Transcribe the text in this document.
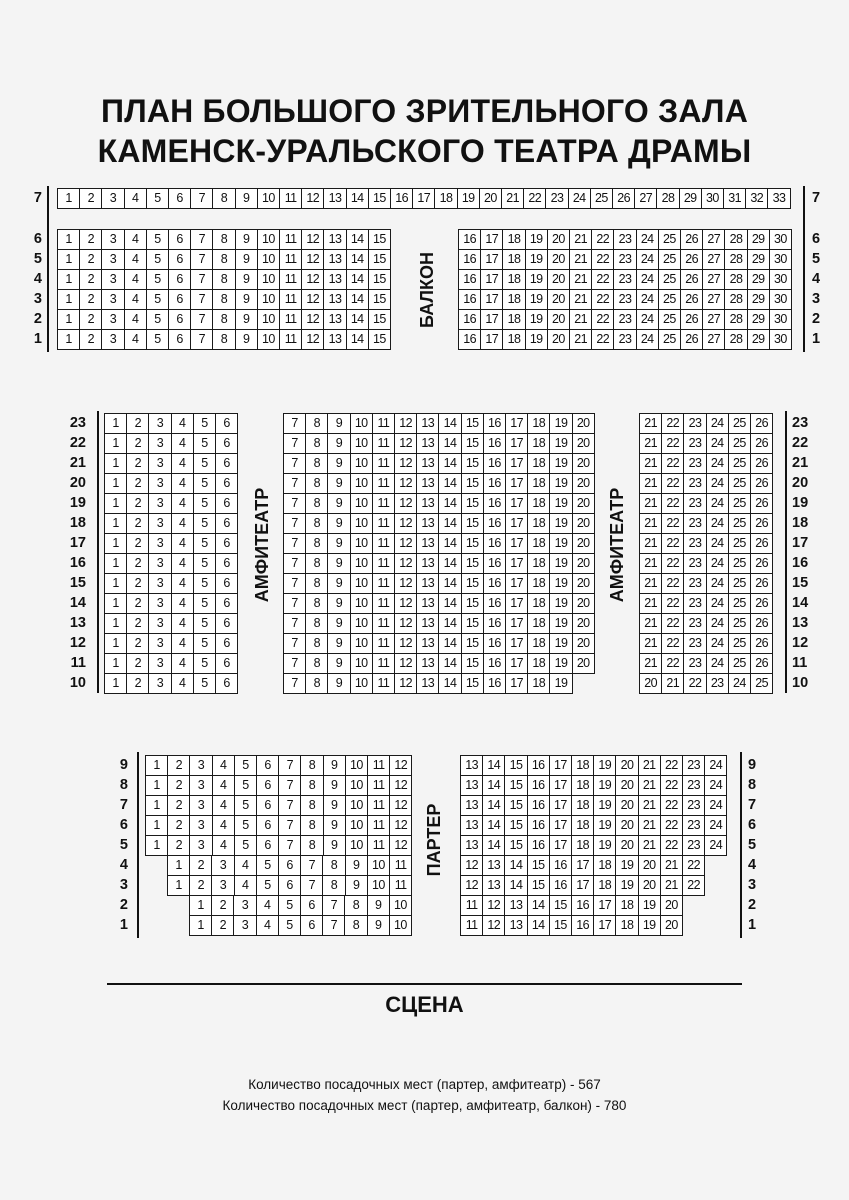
ПЛАН БОЛЬШОГО ЗРИТЕЛЬНОГО ЗАЛА
КАМЕНСК-УРАЛЬСКОГО ТЕАТРА ДРАМЫ
БАЛКОН
АМФИТЕАТР	АМФИТЕАТР
ПАРТЕР
СЦЕНА
Количество посадочных мест (партер, амфитеатр) - 567
Количество посадочных мест (партер, амфитеатр, балкон) - 780
1	2	3	4	5	6	7	8	9	10 11 12 13 14 15 16 17 18 19 20 21 22 23 24 25 26 27 28 29 30 31 32 33
7	7
1	2	3	4	5	6	7	8	9	10 11 12 13 14 15	16 17 18 19 20 21 22 23 24 25 26 27 28 29 30
6	6
1	2	3	4	5	6	7	8	9	10 11 12 13 14 15	16 17 18 19 20 21 22 23 24 25 26 27 28 29 30
5	5
1	2	3	4	5	6	7	8	9	10 11 12 13 14 15	16 17 18 19 20 21 22 23 24 25 26 27 28 29 30
4	4
1	2	3	4	5	6	7	8	9	10 11 12 13 14 15	16 17 18 19 20 21 22 23 24 25 26 27 28 29 30
3	3
1	2	3	4	5	6	7	8	9	10 11 12 13 14 15	16 17 18 19 20 21 22 23 24 25 26 27 28 29 30
2	2
1	2	3	4	5	6	7	8	9	10 11 12 13 14 15	16 17 18 19 20 21 22 23 24 25 26 27 28 29 30
1	1
1	2	3	4	5	6	7	8	9	10 11 12 13 14 15 16 17 18 19 20	21 22 23 24 25 26
23	23
1	2	3	4	5	6	7	8	9	10 11 12 13 14 15 16 17 18 19 20	21 22 23 24 25 26
22	22
1	2	3	4	5	6	7	8	9	10 11 12 13 14 15 16 17 18 19 20	21 22 23 24 25 26
21	21
1	2	3	4	5	6	7	8	9	10 11 12 13 14 15 16 17 18 19 20	21 22 23 24 25 26
20	20
1	2	3	4	5	6	7	8	9	10 11 12 13 14 15 16 17 18 19 20	21 22 23 24 25 26
19	19
1	2	3	4	5	6	7	8	9	10 11 12 13 14 15 16 17 18 19 20	21 22 23 24 25 26
18	18
1	2	3	4	5	6	7	8	9	10 11 12 13 14 15 16 17 18 19 20	21 22 23 24 25 26
17	17
1	2	3	4	5	6	7	8	9	10 11 12 13 14 15 16 17 18 19 20	21 22 23 24 25 26
16	16
1	2	3	4	5	6	7	8	9	10 11 12 13 14 15 16 17 18 19 20	21 22 23 24 25 26
15	15
1	2	3	4	5	6	7	8	9	10 11 12 13 14 15 16 17 18 19 20	21 22 23 24 25 26
14	14
1	2	3	4	5	6	7	8	9	10 11 12 13 14 15 16 17 18 19 20	21 22 23 24 25 26
13	13
1	2	3	4	5	6	7	8	9	10 11 12 13 14 15 16 17 18 19 20	21 22 23 24 25 26
12	12
1	2	3	4	5	6	7	8	9	10 11 12 13 14 15 16 17 18 19 20	21 22 23 24 25 26
11	11
1	2	3	4	5	6	7	8	9	10 11 12 13 14 15 16 17 18 19	20 21 22 23 24 25
10	10
1	2	3	4	5	6	7	8	9	10 11 12	13 14 15 16 17 18 19 20 21 22 23 24
9	9
1	2	3	4	5	6	7	8	9	10 11 12	13 14 15 16 17 18 19 20 21 22 23 24
8	8
1	2	3	4	5	6	7	8	9	10 11 12	13 14 15 16 17 18 19 20 21 22 23 24
7	7
1	2	3	4	5	6	7	8	9	10 11 12	13 14 15 16 17 18 19 20 21 22 23 24
6	6
1	2	3	4	5	6	7	8	9	10 11 12	13 14 15 16 17 18 19 20 21 22 23 24
5	5
1	2	3	4	5	6	7	8	9	10 11	12 13 14 15 16 17 18 19 20 21 22
4	4
1	2	3	4	5	6	7	8	9	10 11	12 13 14 15 16 17 18 19 20 21 22
3	3
1	2	3	4	5	6	7	8	9	10	11 12 13 14 15 16 17 18 19 20
2	2
1	2	3	4	5	6	7	8	9	10	11 12 13 14 15 16 17 18 19 20
1	1
